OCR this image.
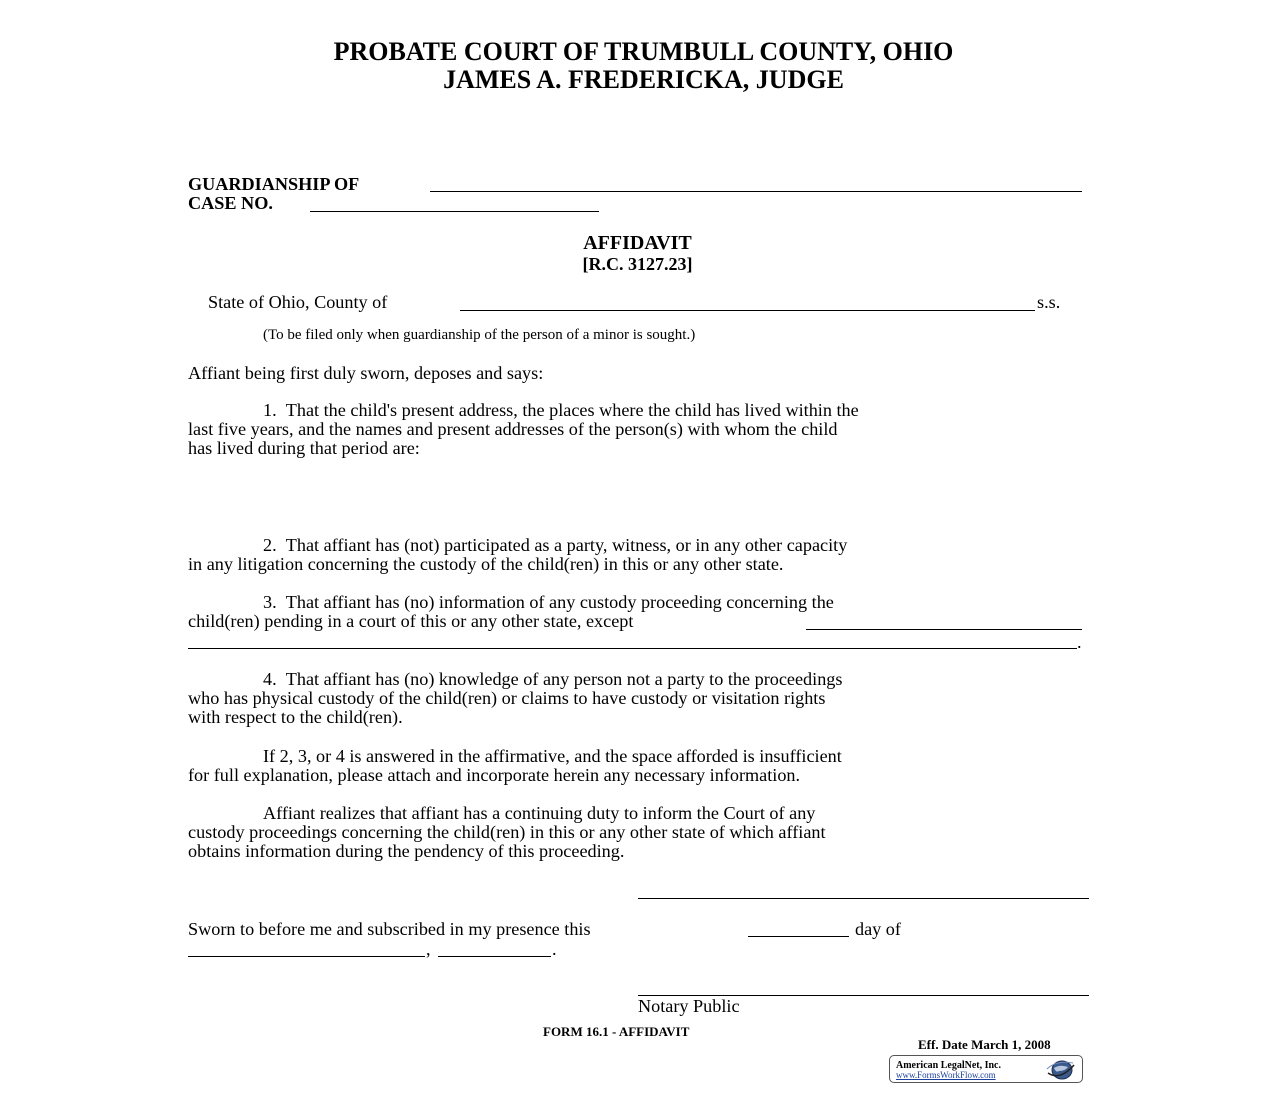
PROBATE COURT OF TRUMBULL COUNTY, OHIO
JAMES A. FREDERICKA, JUDGE
GUARDIANSHIP OF
CASE NO.
AFFIDAVIT
[R.C. 3127.23]
State of Ohio, County of	s.s.
(To be filed only when guardianship of the person of a minor is sought.)
Affiant being first duly sworn, deposes and says:
1. That the child's present address, the places where the child has lived within the
last five years, and the names and present addresses of the person(s) with whom the child
has lived during that period are:
2. That affiant has (not) participated as a party, witness, or in any other capacity
in any litigation concerning the custody of the child(ren) in this or any other state.
3. That affiant has (no) information of any custody proceeding concerning the
child(ren) pending in a court of this or any other state, except
.
4. That affiant has (no) knowledge of any person not a party to the proceedings
who has physical custody of the child(ren) or claims to have custody or visitation rights
with respect to the child(ren).
If 2, 3, or 4 is answered in the affirmative, and the space afforded is insufficient
for full explanation, please attach and incorporate herein any necessary information.
Affiant realizes that affiant has a continuing duty to inform the Court of any
custody proceedings concerning the child(ren) in this or any other state of which affiant
obtains information during the pendency of this proceeding.
Sworn to before me and subscribed in my presence this	day of
,	.
Notary Public
FORM 16.1 - AFFIDAVIT
Eff. Date March 1, 2008
American LegalNet, Inc.
www.FormsWorkFlow.com
